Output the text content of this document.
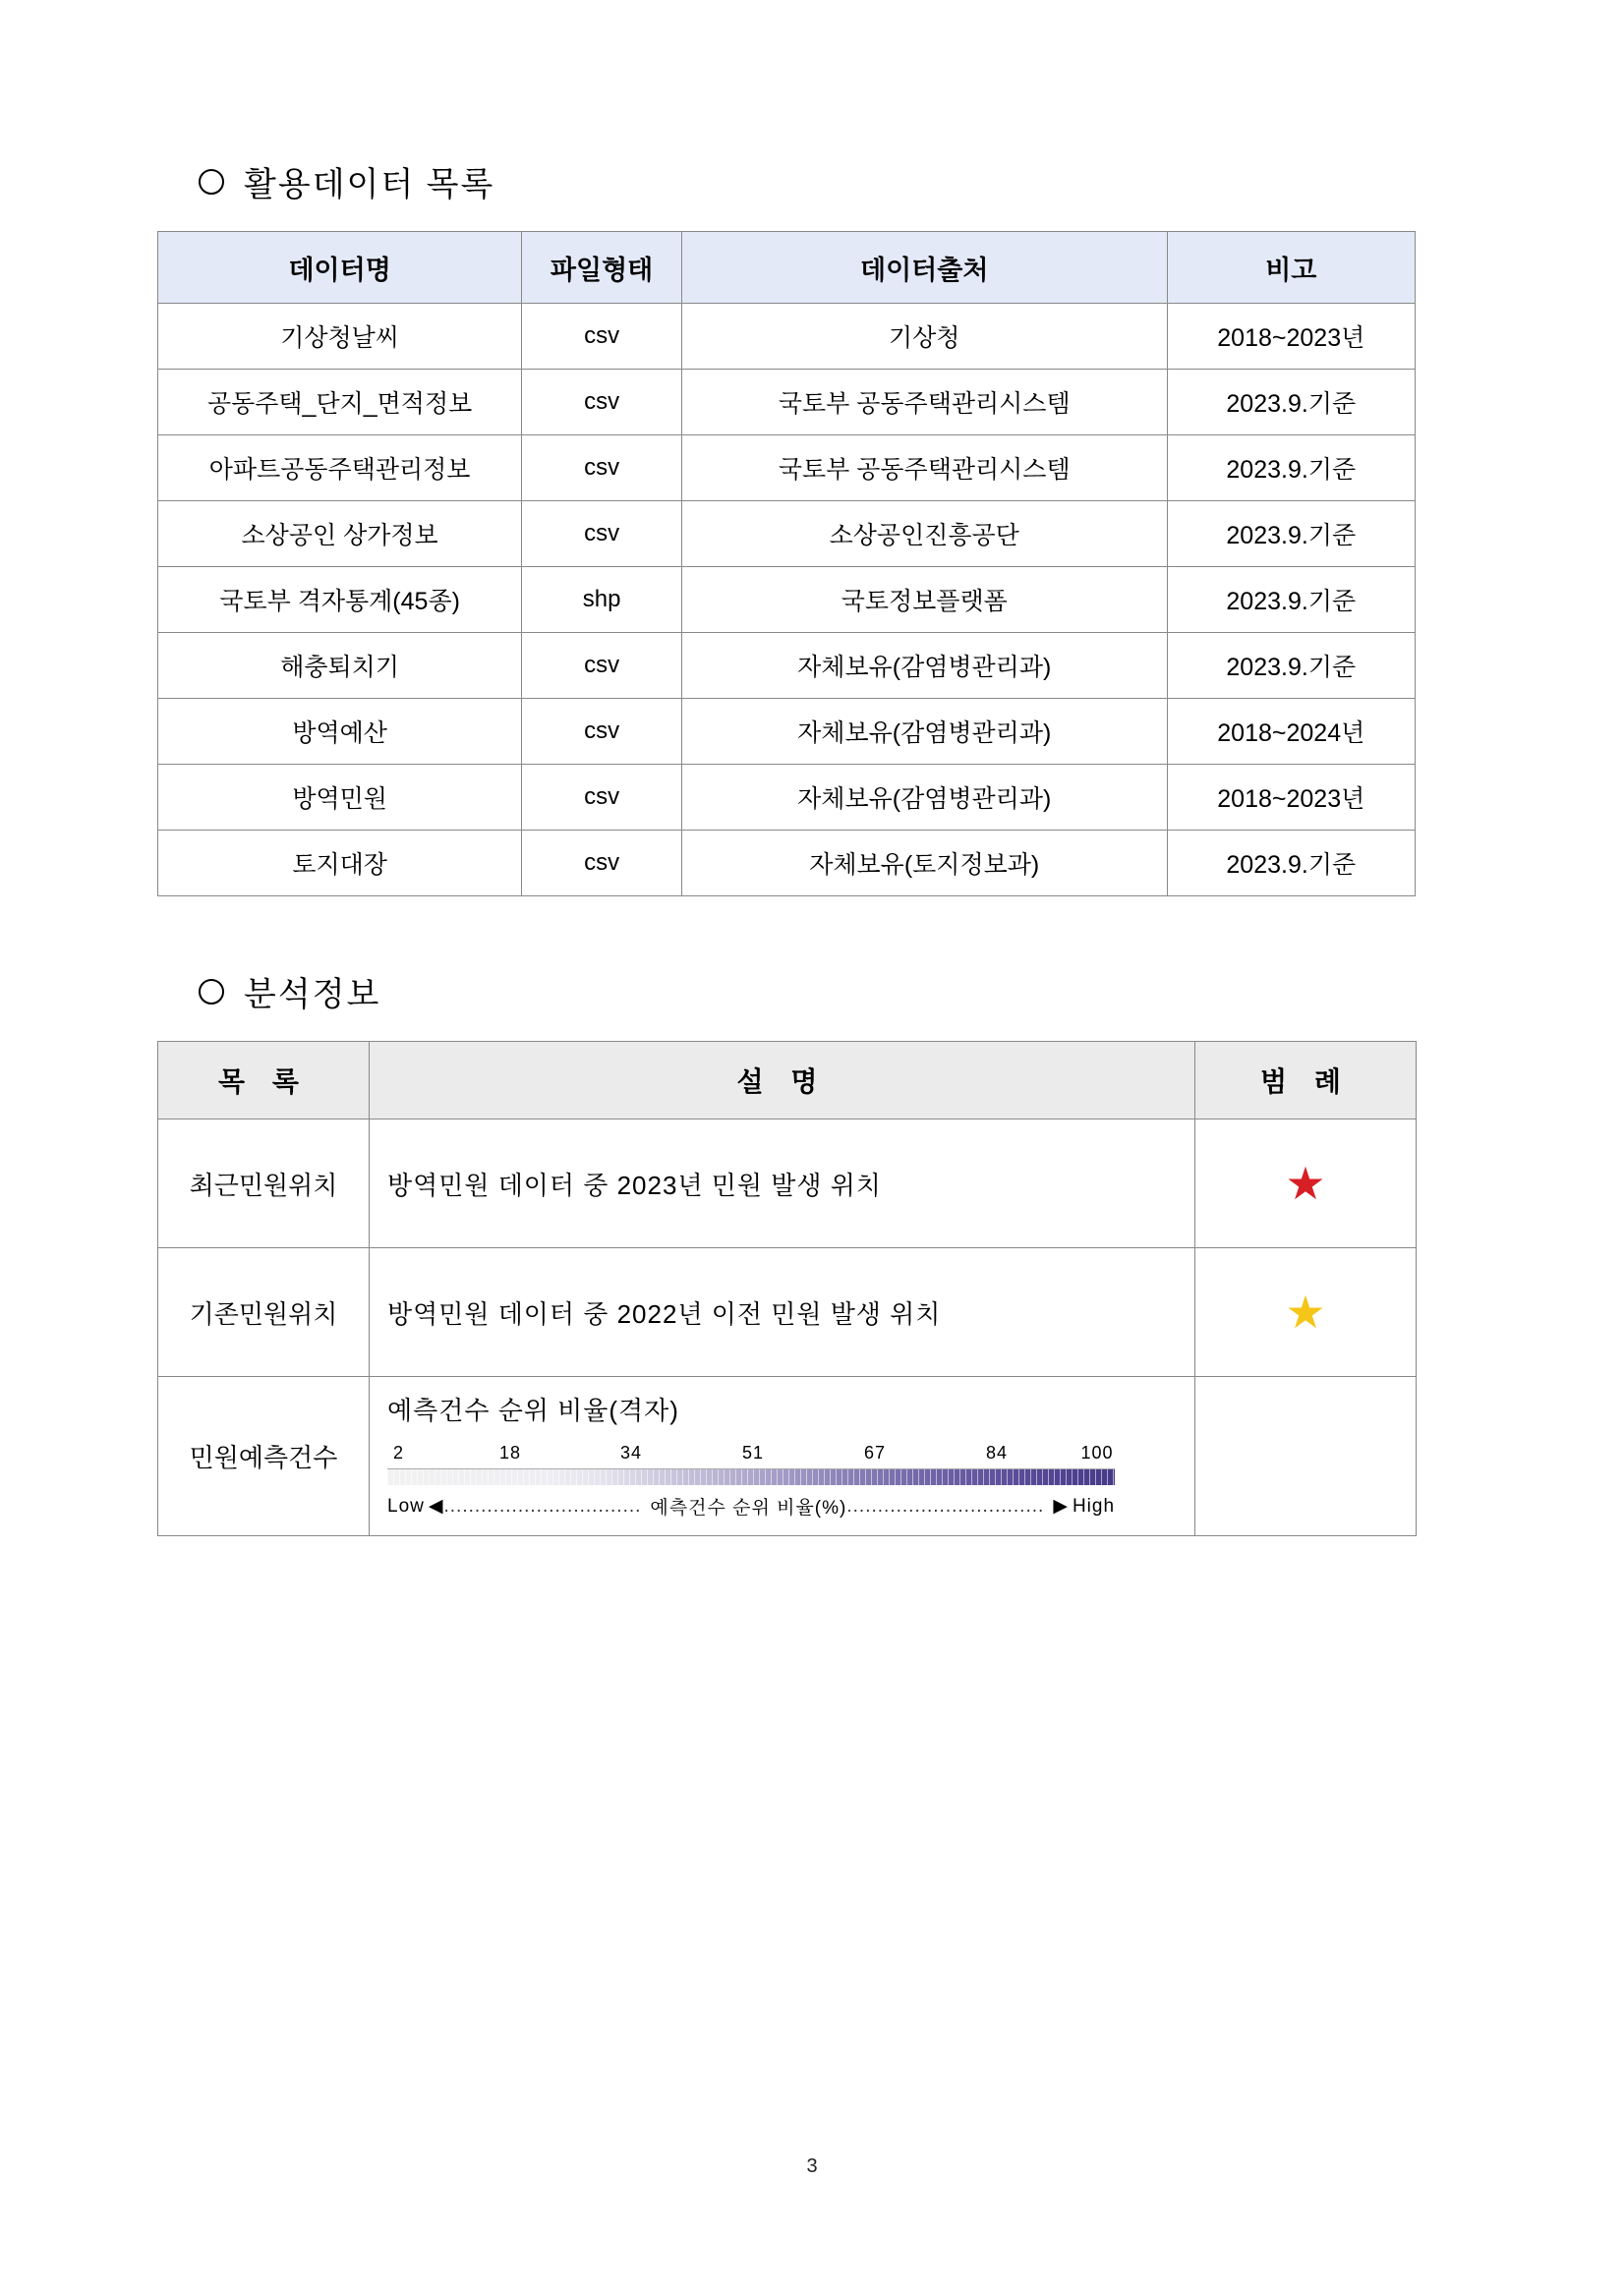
활용데이터 목록
데이터명	파일형태	데이터출처	비고
기상청날씨	csv	기상청	2018~2023년
공동주택_단지_면적정보	csv	국토부 공동주택관리시스템	2023.9.기준
아파트공동주택관리정보	csv	국토부 공동주택관리시스템	2023.9.기준
소상공인 상가정보	csv	소상공인진흥공단	2023.9.기준
국토부 격자통계(45종)	shp	국토정보플랫폼	2023.9.기준
해충퇴치기	csv	자체보유(감염병관리과)	2023.9.기준
방역예산	csv	자체보유(감염병관리과)	2018~2024년
방역민원	csv	자체보유(감염병관리과)	2018~2023년
토지대장	csv	자체보유(토지정보과)	2023.9.기준
분석정보
목 록	설 명	범 례
최근민원위치	방역민원 데이터 중 2023년 민원 발생 위치	★
기존민원위치	방역민원 데이터 중 2022년 이전 민원 발생 위치	★
민원예측건수	
예측건수 순위 비율(격자)
2	18	34	51	67	84	100
Low ◀ ................................ 예측건수 순위 비율(%) ................................ ▶ High

3
